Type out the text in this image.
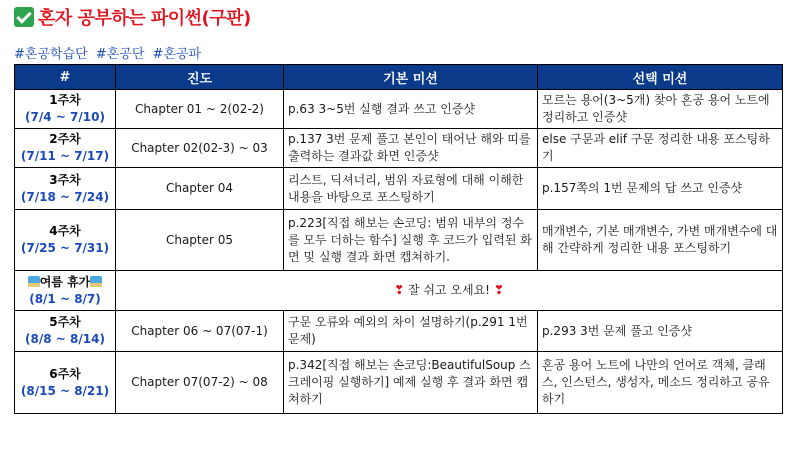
혼자 공부하는 파이썬(구판)
#혼공학습단 #혼공단 #혼공파
#	진도	기본 미션	선택 미션

1주차
(7/4 ~ 7/10)	Chapter 01 ~ 2(02-2)	p.63 3~5번 실행 결과 쓰고 인증샷	모르는 용어(3~5개) 찾아 혼공 용어 노트에 정리하고 인증샷

2주차
(7/11 ~ 7/17)	Chapter 02(02-3) ~ 03	p.137 3번 문제 풀고 본인이 태어난 해와 띠를 출력하는 결과값 화면 인증샷	else 구문과 elif 구문 정리한 내용 포스팅하기

3주차
(7/18 ~ 7/24)	Chapter 04	리스트, 딕셔너리, 범위 자료형에 대해 이해한 내용을 바탕으로 포스팅하기	p.157쪽의 1번 문제의 답 쓰고 인증샷

4주차
(7/25 ~ 7/31)	Chapter 05	p.223[직접 해보는 손코딩: 범위 내부의 정수를 모두 더하는 함수] 실행 후 코드가 입력된 화면 및 실행 결과 화면 캡쳐하기.	매개변수, 기본 매개변수, 가변 매개변수에 대해 간략하게 정리한 내용 포스팅하기

여름 휴가
(8/1 ~ 8/7)	❣ 잘 쉬고 오세요! ❣		

5주차
(8/8 ~ 8/14)	Chapter 06 ~ 07(07-1)	구문 오류와 예외의 차이 설명하기(p.291 1번 문제)	p.293 3번 문제 풀고 인증샷

6주차
(8/15 ~ 8/21)	Chapter 07(07-2) ~ 08	p.342[직접 해보는 손코딩:BeautifulSoup 스크레이핑 실행하기] 예제 실행 후 결과 화면 캡쳐하기	혼공 용어 노트에 나만의 언어로 객체, 클래스, 인스턴스, 생성자, 메소드 정리하고 공유하기
